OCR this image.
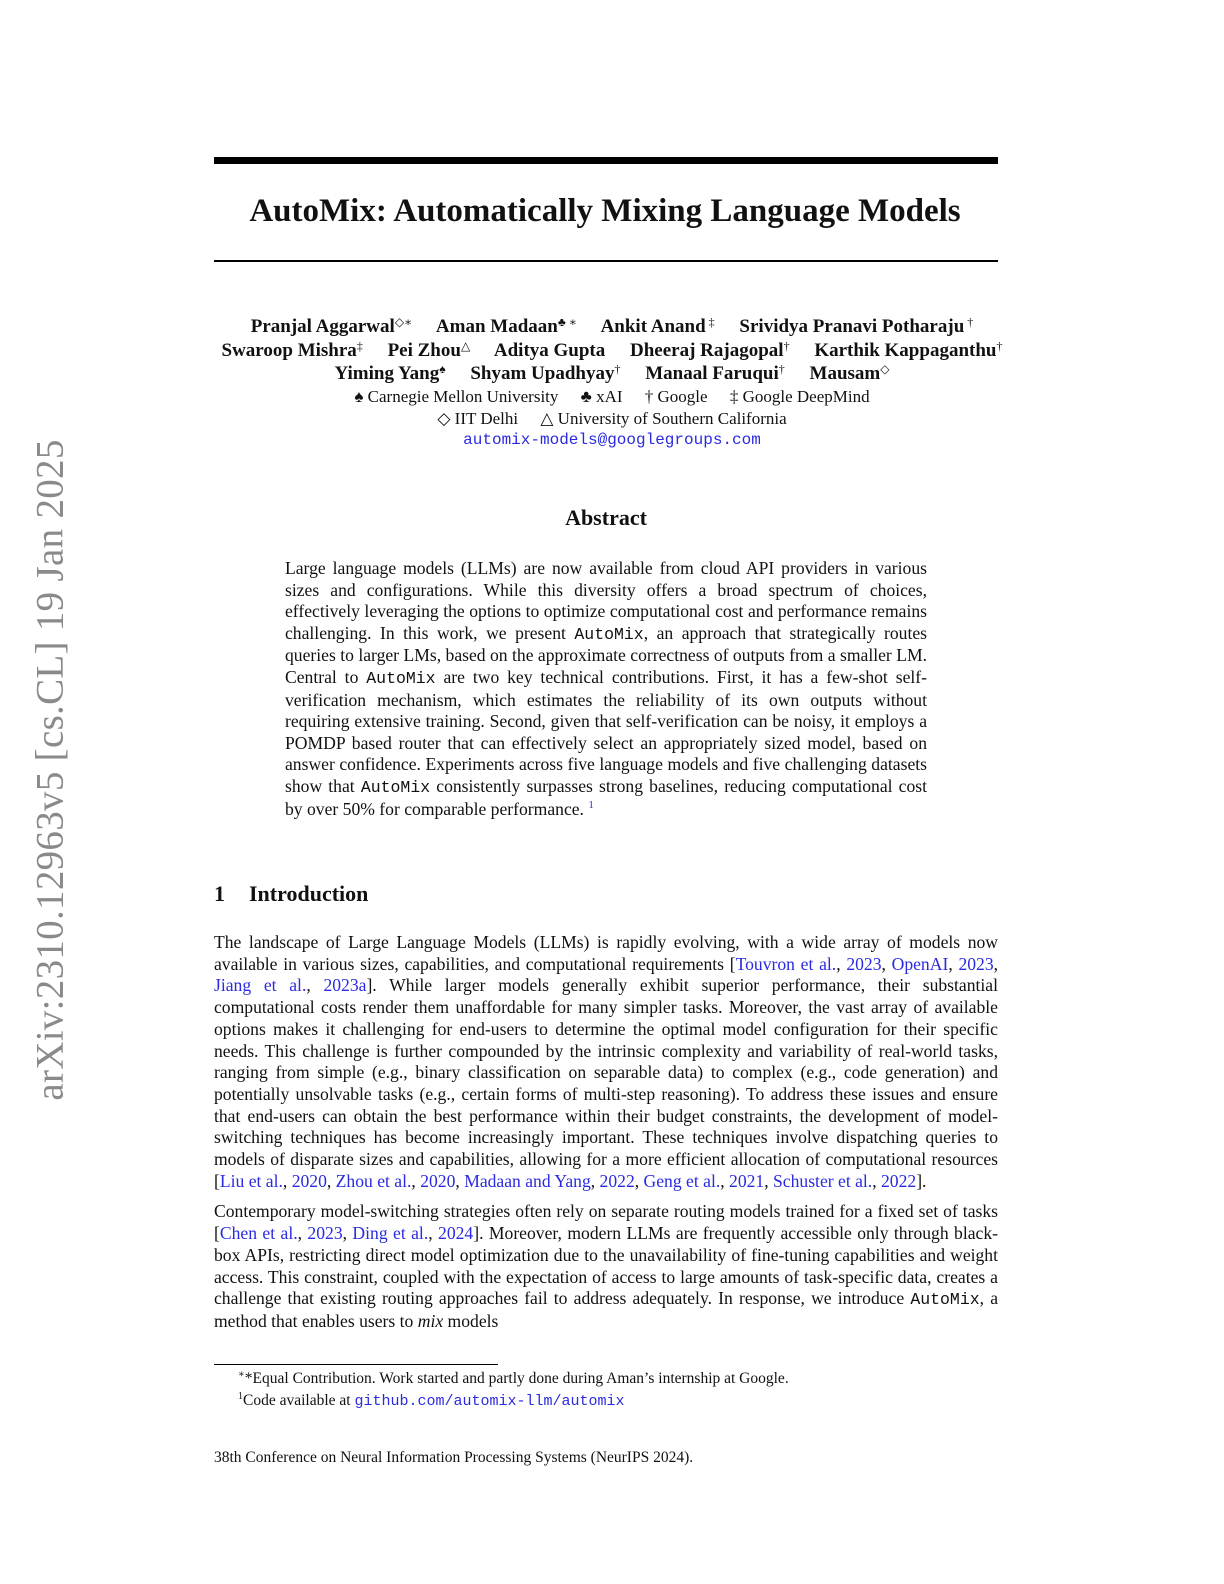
arXiv:2310.12963v5 [cs.CL] 19 Jan 2025
AutoMix: Automatically Mixing Language Models
Pranjal Aggarwal◇∗ Aman Madaan♣ ∗ Ankit Anand ‡ Srividya Pranavi Potharaju †
Swaroop Mishra‡ Pei Zhou△ Aditya Gupta Dheeraj Rajagopal† Karthik Kappaganthu†
Yiming Yang♠ Shyam Upadhyay† Manaal Faruqui† Mausam◇
♠ Carnegie Mellon University ♣ xAI † Google ‡ Google DeepMind
◇ IIT Delhi △ University of Southern California
automix-models@googlegroups.com
Abstract

Large language models (LLMs) are now available from cloud API providers in various sizes and configurations. While this diversity offers a broad spectrum of choices, effectively leveraging the options to optimize computational cost and performance remains challenging. In this work, we present AutoMix, an approach that strategically routes queries to larger LMs, based on the approximate correctness of outputs from a smaller LM. Central to AutoMix are two key technical contributions. First, it has a few-shot self-verification mechanism, which estimates the reliability of its own outputs without requiring extensive training. Second, given that self-verification can be noisy, it employs a POMDP based router that can effectively select an appropriately sized model, based on answer confidence. Experiments across five language models and five challenging datasets show that AutoMix consistently surpasses strong baselines, reducing computational cost by over 50% for comparable performance. $^1$

1 Introduction

The landscape of Large Language Models (LLMs) is rapidly evolving, with a wide array of models now available in various sizes, capabilities, and computational requirements [Touvron et al., 2023, OpenAI, 2023, Jiang et al., 2023a]. While larger models generally exhibit superior performance, their substantial computational costs render them unaffordable for many simpler tasks. Moreover, the vast array of available options makes it challenging for end-users to determine the optimal model configuration for their specific needs. This challenge is further compounded by the intrinsic complexity and variability of real-world tasks, ranging from simple (e.g., binary classification on separable data) to complex (e.g., code generation) and potentially unsolvable tasks (e.g., certain forms of multi-step reasoning). To address these issues and ensure that end-users can obtain the best performance within their budget constraints, the development of model-switching techniques has become increasingly important. These techniques involve dispatching queries to models of disparate sizes and capabilities, allowing for a more efficient allocation of computational resources [Liu et al., 2020, Zhou et al., 2020, Madaan and Yang, 2022, Geng et al., 2021, Schuster et al., 2022].

Contemporary model-switching strategies often rely on separate routing models trained for a fixed set of tasks [Chen et al., 2023, Ding et al., 2024]. Moreover, modern LLMs are frequently accessible only through black-box APIs, restricting direct model optimization due to the unavailability of fine-tuning capabilities and weight access. This constraint, coupled with the expectation of access to large amounts of task-specific data, creates a challenge that existing routing approaches fail to address adequately. In response, we introduce AutoMix, a method that enables users to mix models

∗*Equal Contribution. Work started and partly done during Aman’s internship at Google.
$^1$Code available at github.com/automix-llm/automix
38th Conference on Neural Information Processing Systems (NeurIPS 2024).
